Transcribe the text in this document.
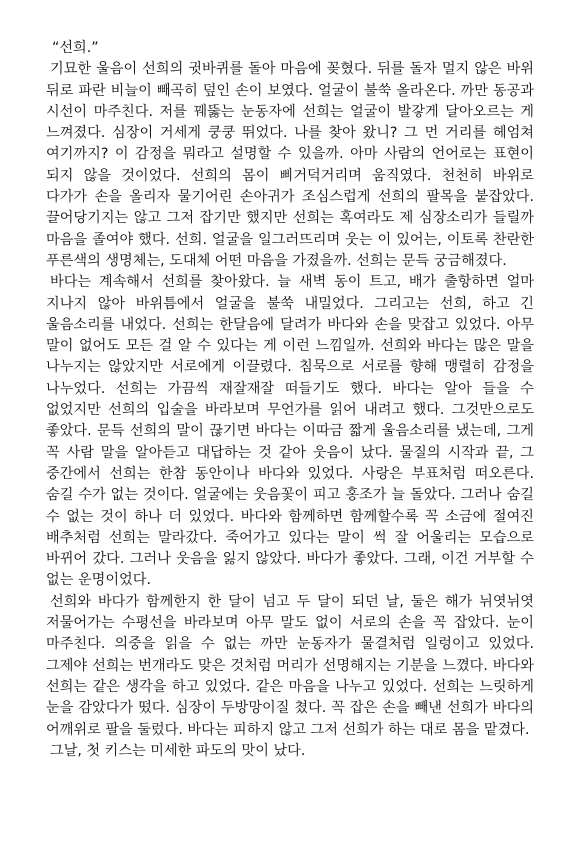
“선희.”

기묘한 울음이 선희의 귓바퀴를 돌아 마음에 꽂혔다. 뒤를 돌자 멀지 않은 바위 뒤로 파란 비늘이 빼곡히 덮인 손이 보였다. 얼굴이 불쑥 올라온다. 까만 동공과 시선이 마주친다. 저를 꿰뚫는 눈동자에 선희는 얼굴이 발갛게 달아오르는 게 느껴졌다. 심장이 거세게 쿵쿵 뛰었다. 나를 찾아 왔니? 그 먼 거리를 헤엄쳐 여기까지? 이 감정을 뭐라고 설명할 수 있을까. 아마 사람의 언어로는 표현이 되지 않을 것이었다. 선희의 몸이 삐거덕거리며 움직였다. 천천히 바위로 다가가 손을 올리자 물기어린 손아귀가 조심스럽게 선희의 팔목을 붙잡았다. 끌어당기지는 않고 그저 잡기만 했지만 선희는 혹여라도 제 심장소리가 들릴까 마음을 졸여야 했다. 선희. 얼굴을 일그러뜨리며 웃는 이 있어는, 이토록 찬란한 푸른색의 생명체는, 도대체 어떤 마음을 가졌을까. 선희는 문득 궁금해졌다.

바다는 계속해서 선희를 찾아왔다. 늘 새벽 동이 트고, 배가 출항하면 얼마 지나지 않아 바위틈에서 얼굴을 불쑥 내밀었다. 그리고는 선희, 하고 긴 울음소리를 내었다. 선희는 한달음에 달려가 바다와 손을 맞잡고 있었다. 아무 말이 없어도 모든 걸 알 수 있다는 게 이런 느낌일까. 선희와 바다는 많은 말을 나누지는 않았지만 서로에게 이끌렸다. 침묵으로 서로를 향해 맹렬히 감정을 나누었다. 선희는 가끔씩 재잘재잘 떠들기도 했다. 바다는 알아 들을 수 없었지만 선희의 입술을 바라보며 무언가를 읽어 내려고 했다. 그것만으로도 좋았다. 문득 선희의 말이 끊기면 바다는 이따금 짧게 울음소리를 냈는데, 그게 꼭 사람 말을 알아듣고 대답하는 것 같아 웃음이 났다. 물질의 시작과 끝, 그 중간에서 선희는 한참 동안이나 바다와 있었다. 사랑은 부표처럼 떠오른다. 숨길 수가 없는 것이다. 얼굴에는 웃음꽃이 피고 홍조가 늘 돌았다. 그러나 숨길 수 없는 것이 하나 더 있었다. 바다와 함께하면 함께할수록 꼭 소금에 절여진 배추처럼 선희는 말라갔다. 죽어가고 있다는 말이 썩 잘 어울리는 모습으로 바뀌어 갔다. 그러나 웃음을 잃지 않았다. 바다가 좋았다. 그래, 이건 거부할 수 없는 운명이었다.

선희와 바다가 함께한지 한 달이 넘고 두 달이 되던 날, 둘은 해가 뉘엿뉘엿 저물어가는 수평선을 바라보며 아무 말도 없이 서로의 손을 꼭 잡았다. 눈이 마주친다. 의중을 읽을 수 없는 까만 눈동자가 물결처럼 일렁이고 있었다. 그제야 선희는 번개라도 맞은 것처럼 머리가 선명해지는 기분을 느꼈다. 바다와 선희는 같은 생각을 하고 있었다. 같은 마음을 나누고 있었다. 선희는 느릿하게 눈을 감았다가 떴다. 심장이 두방망이질 쳤다. 꼭 잡은 손을 빼낸 선희가 바다의 어깨위로 팔을 둘렀다. 바다는 피하지 않고 그저 선희가 하는 대로 몸을 맡겼다.

그날, 첫 키스는 미세한 파도의 맛이 났다.
